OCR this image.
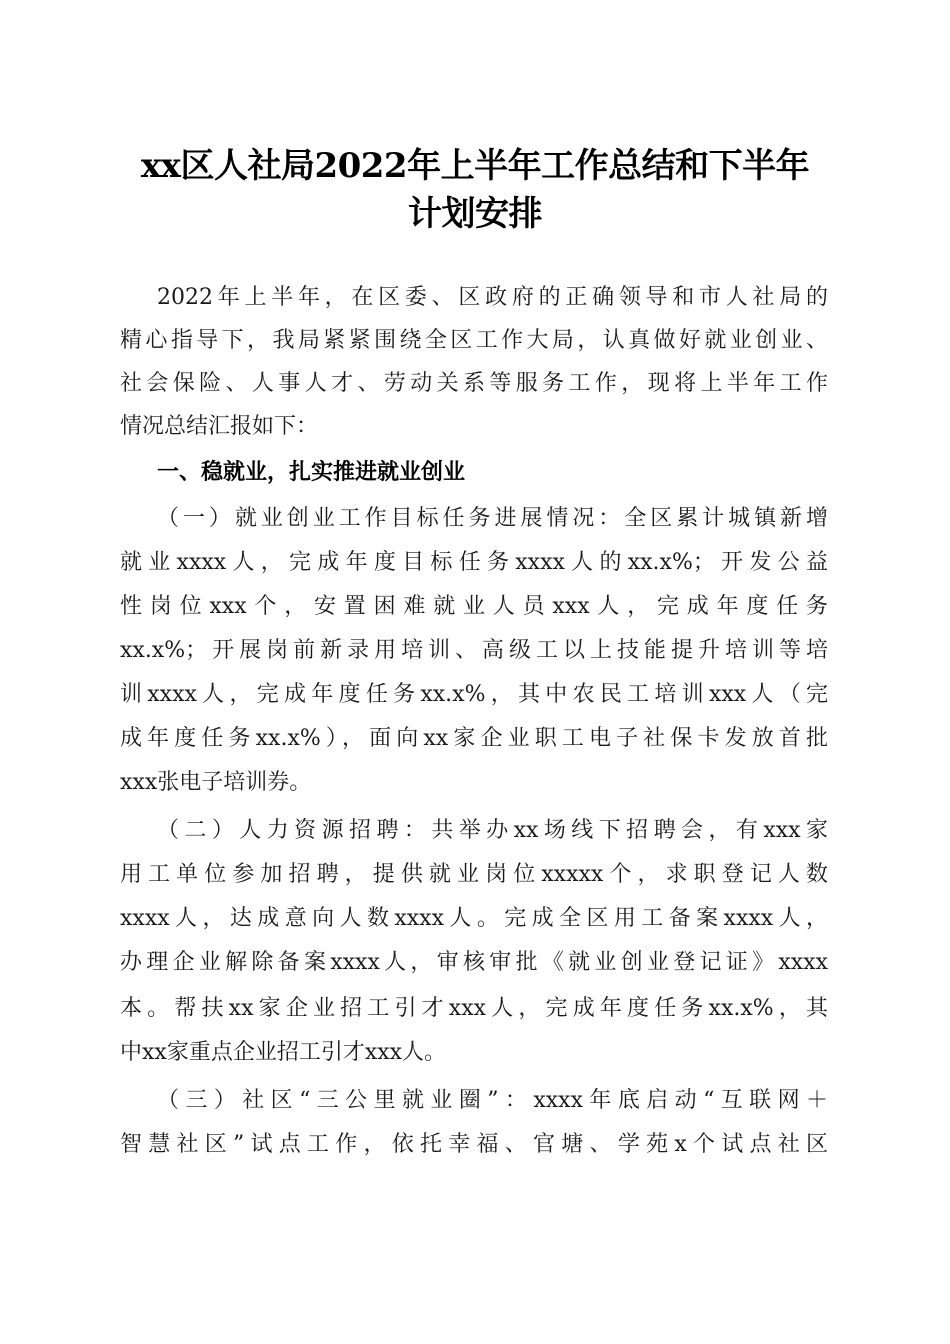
xx区人社局2022年上半年工作总结和下半年
计划安排
2022年上半年，在区委、区政府的正确领导和市人社局的
精心指导下，我局紧紧围绕全区工作大局，认真做好就业创业、
社会保险、人事人才、劳动关系等服务工作，现将上半年工作
情况总结汇报如下：
一、稳就业，扎实推进就业创业
（一）就业创业工作目标任务进展情况：全区累计城镇新增
就业xxxx人，完成年度目标任务xxxx人的xx.x%；开发公益
性岗位xxx个，安置困难就业人员xxx人，完成年度任务
xx.x%；开展岗前新录用培训、高级工以上技能提升培训等培
训xxxx人，完成年度任务xx.x%，其中农民工培训xxx人（完
成年度任务xx.x%），面向xx家企业职工电子社保卡发放首批
xxx张电子培训券。
（二）人力资源招聘：共举办xx场线下招聘会，有xxx家
用工单位参加招聘，提供就业岗位xxxxx个，求职登记人数
xxxx人，达成意向人数xxxx人。完成全区用工备案xxxx人，
办理企业解除备案xxxx人，审核审批《就业创业登记证》xxxx
本。帮扶xx家企业招工引才xxx人，完成年度任务xx.x%，其
中xx家重点企业招工引才xxx人。
（三）社区“三公里就业圈”：xxxx年底启动“互联网＋
智慧社区”试点工作，依托幸福、官塘、学苑x个试点社区
